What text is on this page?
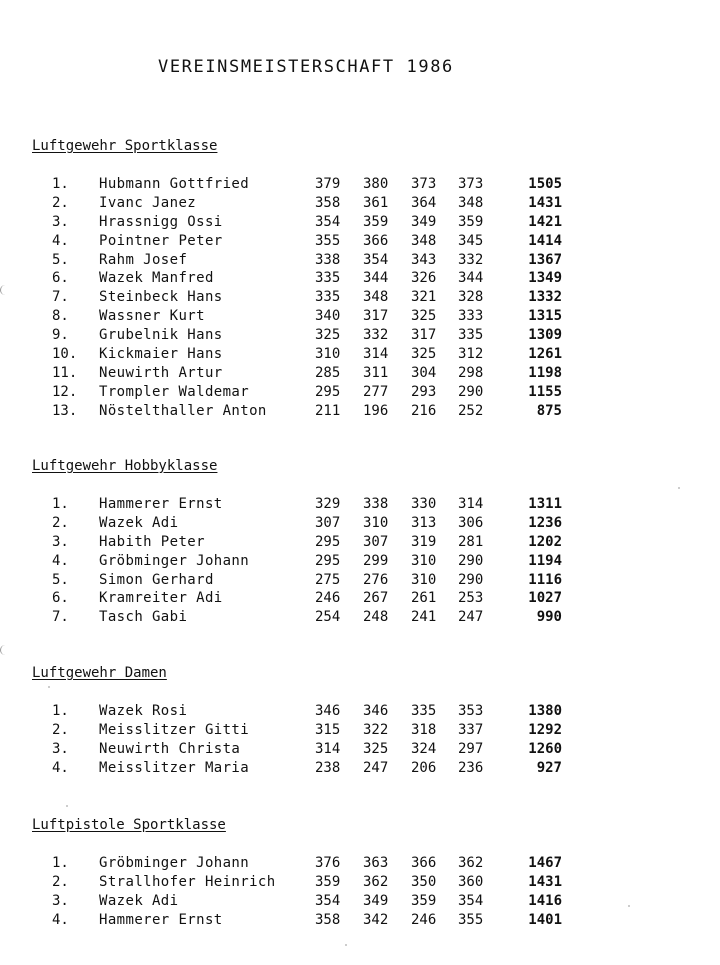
VEREINSMEISTERSCHAFT 1986
Luftgewehr Sportklasse
1. Hubmann Gottfried	379 380 373 373	1505
2. Ivanc Janez	358 361 364 348	1431
3. Hrassnigg Ossi	354 359 349 359	1421
4. Pointner Peter	355 366 348 345	1414
5. Rahm Josef	338 354 343 332	1367
6. Wazek Manfred	335 344 326 344	1349
7. Steinbeck Hans	335 348 321 328	1332
8. Wassner Kurt	340 317 325 333	1315
9. Grubelnik Hans	325 332 317 335	1309
10. Kickmaier Hans	310 314 325 312	1261
11. Neuwirth Artur	285 311 304 298	1198
12. Trompler Waldemar	295 277 293 290	1155
13. Nöstelthaller Anton	211 196 216 252	875
Luftgewehr Hobbyklasse
1. Hammerer Ernst	329 338 330 314	1311
2. Wazek Adi	307 310 313 306	1236
3. Habith Peter	295 307 319 281	1202
4. Gröbminger Johann	295 299 310 290	1194
5. Simon Gerhard	275 276 310 290	1116
6. Kramreiter Adi	246 267 261 253	1027
7. Tasch Gabi	254 248 241 247	990
Luftgewehr Damen
1. Wazek Rosi	346 346 335 353	1380
2. Meisslitzer Gitti	315 322 318 337	1292
3. Neuwirth Christa	314 325 324 297	1260
4. Meisslitzer Maria	238 247 206 236	927
Luftpistole Sportklasse
1. Gröbminger Johann	376 363 366 362	1467
2. Strallhofer Heinrich	359 362 350 360	1431
3. Wazek Adi	354 349 359 354	1416
4. Hammerer Ernst	358 342 246 355	1401
